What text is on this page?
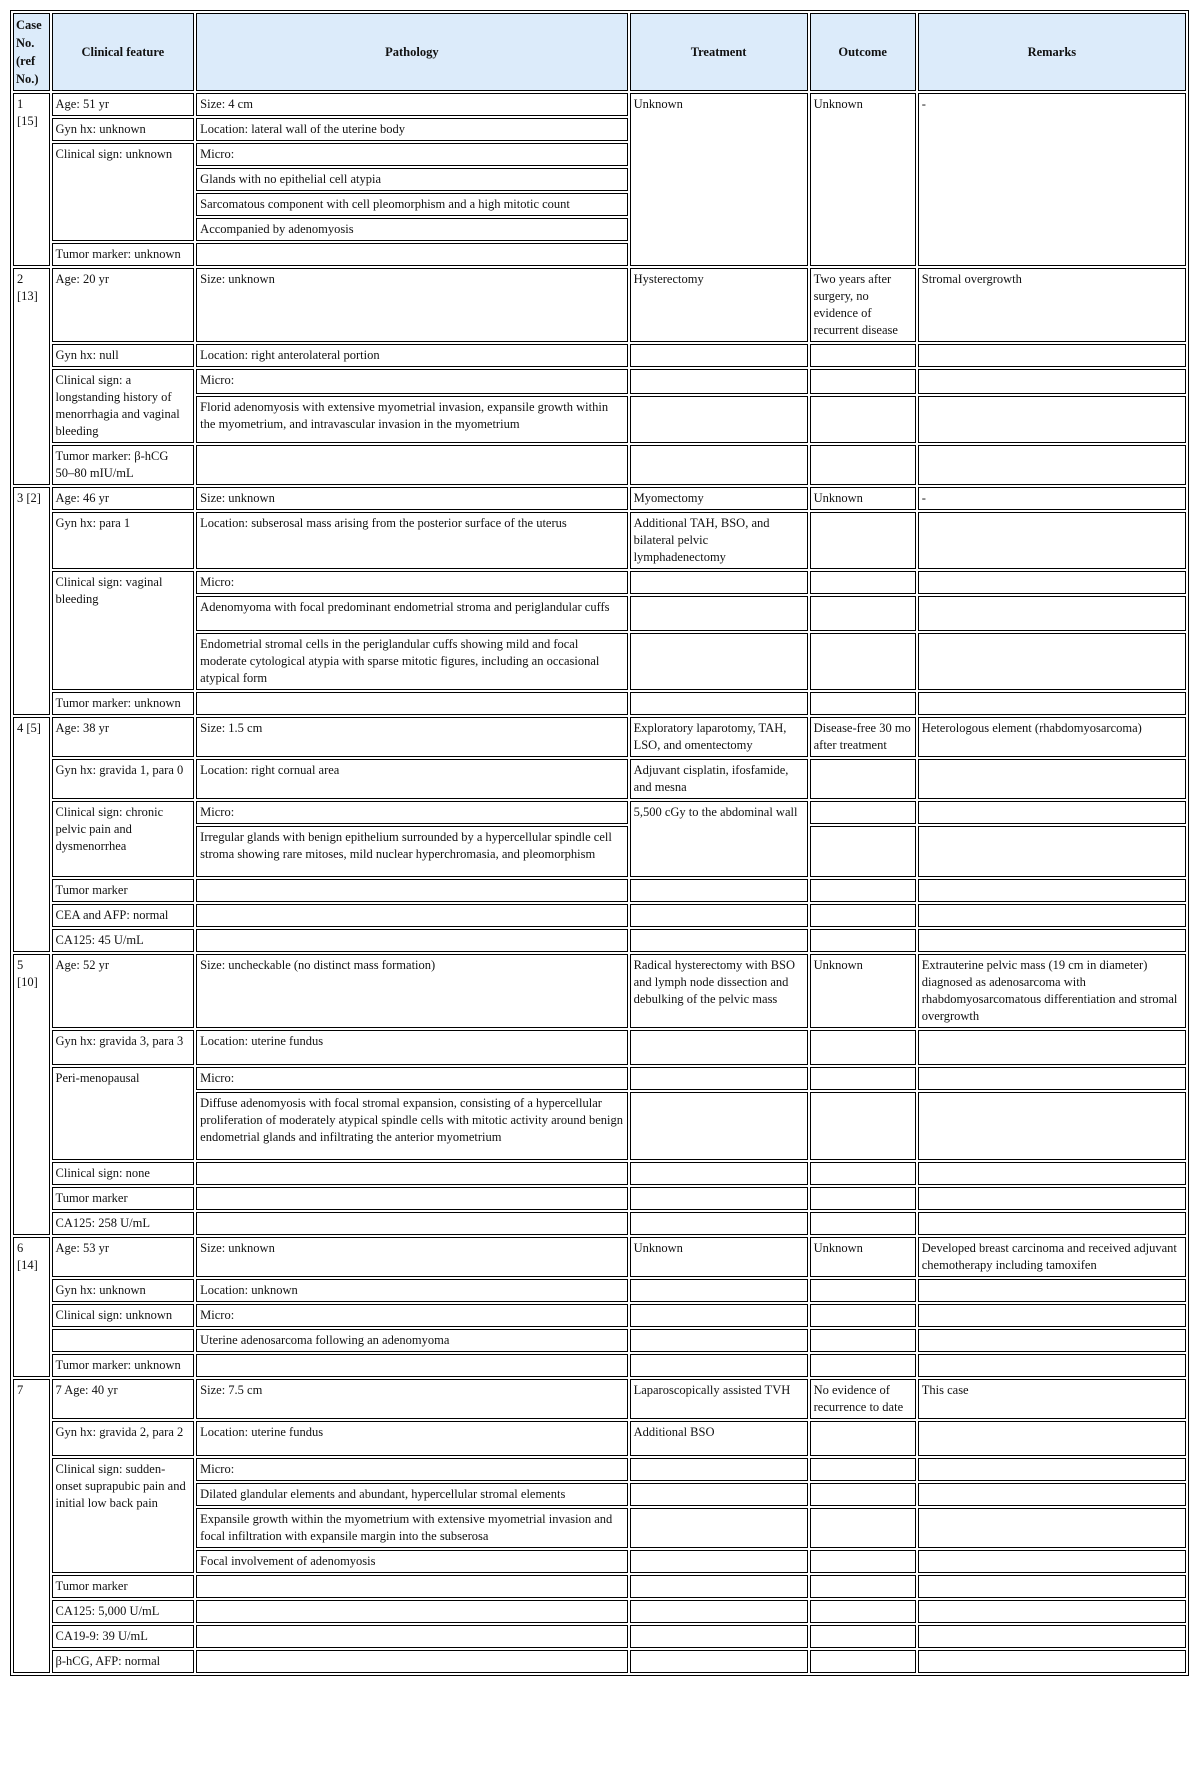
Case No. (ref No.)	Clinical feature	Pathology	Treatment	Outcome	Remarks
1 [15]	Age: 51 yr	Size: 4 cm	Unknown	Unknown	-
	Gyn hx: unknown	Location: lateral wall of the uterine body			
	Clinical sign: unknown	Micro:			
		Glands with no epithelial cell atypia			
		Sarcomatous component with cell pleomorphism and a high mitotic count			
		Accompanied by adenomyosis			
	Tumor marker: unknown				
2 [13]	Age: 20 yr	Size: unknown	Hysterectomy	Two years after surgery, no evidence of recurrent disease	Stromal overgrowth
	Gyn hx: null	Location: right anterolateral portion			
	Clinical sign: a longstanding history of menorrhagia and vaginal bleeding	Micro:			
		Florid adenomyosis with extensive myometrial invasion, expansile growth within the myometrium, and intravascular invasion in the myometrium			
	Tumor marker: β-hCG 50–80 mIU/mL				
3 [2]	Age: 46 yr	Size: unknown	Myomectomy	Unknown	-
	Gyn hx: para 1	Location: subserosal mass arising from the posterior surface of the uterus	Additional TAH, BSO, and bilateral pelvic lymphadenectomy		
	Clinical sign: vaginal bleeding	Micro:			
		Adenomyoma with focal predominant endometrial stroma and periglandular cuffs			
		Endometrial stromal cells in the periglandular cuffs showing mild and focal moderate cytological atypia with sparse mitotic figures, including an occasional atypical form			
	Tumor marker: unknown				
4 [5]	Age: 38 yr	Size: 1.5 cm	Exploratory laparotomy, TAH, LSO, and omentectomy	Disease-free 30 mo after treatment	Heterologous element (rhabdomyosarcoma)
	Gyn hx: gravida 1, para 0	Location: right cornual area	Adjuvant cisplatin, ifosfamide, and mesna		
	Clinical sign: chronic pelvic pain and dysmenorrhea	Micro:	5,500 cGy to the abdominal wall		
		Irregular glands with benign epithelium surrounded by a hypercellular spindle cell stroma showing rare mitoses, mild nuclear hyperchromasia, and pleomorphism			
	Tumor marker				
	CEA and AFP: normal				
	CA125: 45 U/mL				
5 [10]	Age: 52 yr	Size: uncheckable (no distinct mass formation)	Radical hysterectomy with BSO and lymph node dissection and debulking of the pelvic mass	Unknown	Extrauterine pelvic mass (19 cm in diameter) diagnosed as adenosarcoma with rhabdomyosarcomatous differentiation and stromal overgrowth
	Gyn hx: gravida 3, para 3	Location: uterine fundus			
	Peri-menopausal	Micro:			
		Diffuse adenomyosis with focal stromal expansion, consisting of a hypercellular proliferation of moderately atypical spindle cells with mitotic activity around benign endometrial glands and infiltrating the anterior myometrium			
	Clinical sign: none				
	Tumor marker				
	CA125: 258 U/mL				
6 [14]	Age: 53 yr	Size: unknown	Unknown	Unknown	Developed breast carcinoma and received adjuvant chemotherapy including tamoxifen
	Gyn hx: unknown	Location: unknown			
	Clinical sign: unknown	Micro:			
		Uterine adenosarcoma following an adenomyoma			
	Tumor marker: unknown				
7	7 Age: 40 yr	Size: 7.5 cm	Laparoscopically assisted TVH	No evidence of recurrence to date	This case
	Gyn hx: gravida 2, para 2	Location: uterine fundus	Additional BSO		
	Clinical sign: sudden-onset suprapubic pain and initial low back pain	Micro:			
		Dilated glandular elements and abundant, hypercellular stromal elements			
		Expansile growth within the myometrium with extensive myometrial invasion and focal infiltration with expansile margin into the subserosa			
		Focal involvement of adenomyosis			
	Tumor marker				
	CA125: 5,000 U/mL				
	CA19-9: 39 U/mL				
	β-hCG, AFP: normal				
